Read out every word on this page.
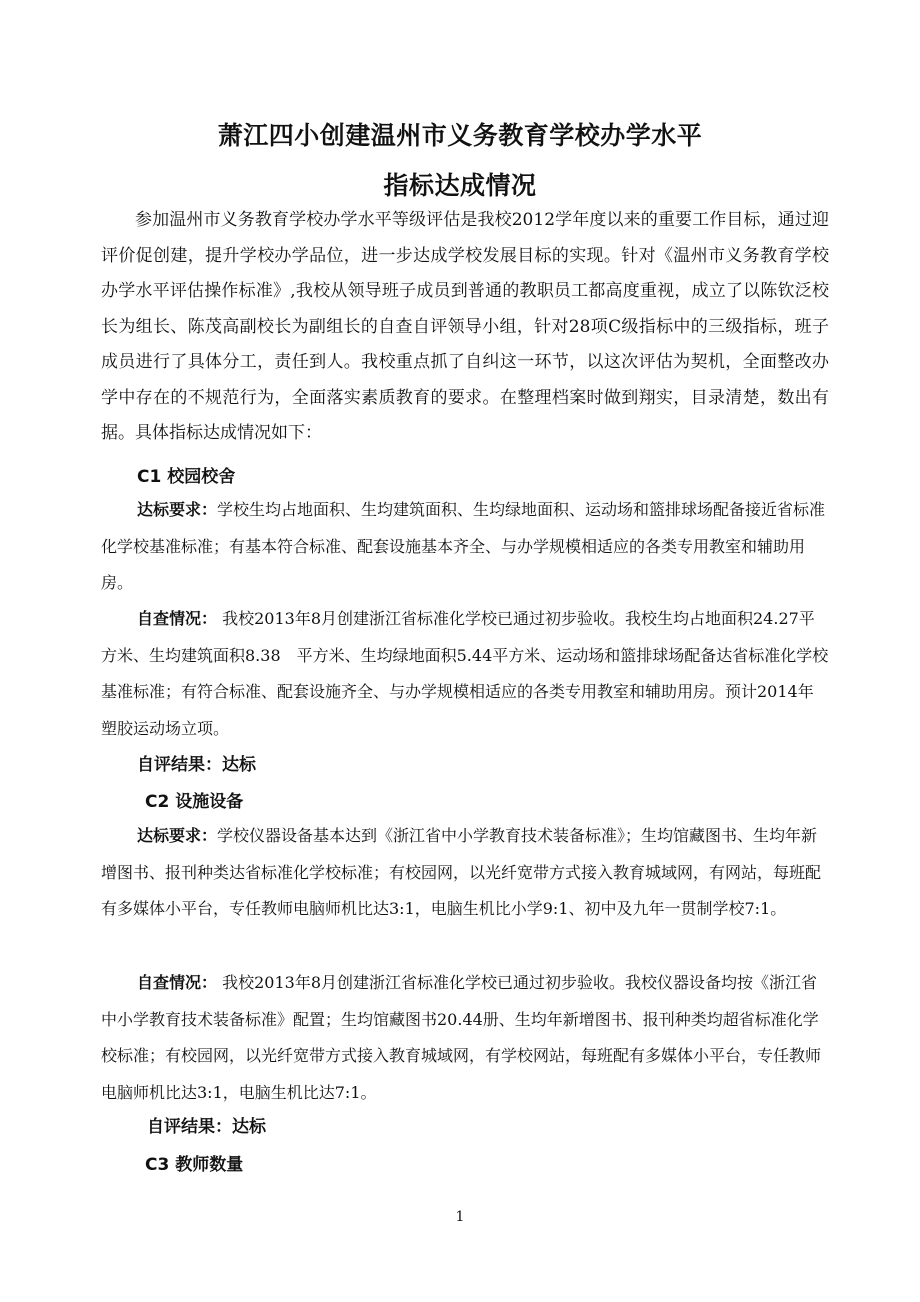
萧江四小创建温州市义务教育学校办学水平
指标达成情况

参加温州市义务教育学校办学水平等级评估是我校2012学年度以来的重要工作目标，通过迎评价促创建，提升学校办学品位，进一步达成学校发展目标的实现。针对《温州市义务教育学校办学水平评估操作标准》,我校从领导班子成员到普通的教职员工都高度重视，成立了以陈钦泛校长为组长、陈茂高副校长为副组长的自查自评领导小组，针对28项C级指标中的三级指标，班子成员进行了具体分工，责任到人。我校重点抓了自纠这一环节，以这次评估为契机，全面整改办学中存在的不规范行为，全面落实素质教育的要求。在整理档案时做到翔实，目录清楚，数出有据。具体指标达成情况如下：

C1 校园校舍

达标要求：学校生均占地面积、生均建筑面积、生均绿地面积、运动场和篮排球场配备接近省标准化学校基准标准；有基本符合标准、配套设施基本齐全、与办学规模相适应的各类专用教室和辅助用房。

自查情况： 我校2013年8月创建浙江省标准化学校已通过初步验收。我校生均占地面积24.27平方米、生均建筑面积8.38　平方米、生均绿地面积5.44平方米、运动场和篮排球场配备达省标准化学校基准标准；有符合标准、配套设施齐全、与办学规模相适应的各类专用教室和辅助用房。预计2014年塑胶运动场立项。

自评结果：达标

C2 设施设备

达标要求：学校仪器设备基本达到《浙江省中小学教育技术装备标准》；生均馆藏图书、生均年新增图书、报刊种类达省标准化学校标准；有校园网，以光纤宽带方式接入教育城域网，有网站，每班配有多媒体小平台，专任教师电脑师机比达3:1，电脑生机比小学9:1、初中及九年一贯制学校7:1。

自查情况： 我校2013年8月创建浙江省标准化学校已通过初步验收。我校仪器设备均按《浙江省中小学教育技术装备标准》配置；生均馆藏图书20.44册、生均年新增图书、报刊种类均超省标准化学校标准；有校园网，以光纤宽带方式接入教育城域网，有学校网站，每班配有多媒体小平台，专任教师电脑师机比达3:1，电脑生机比达7:1。

自评结果：达标

C3 教师数量

1
